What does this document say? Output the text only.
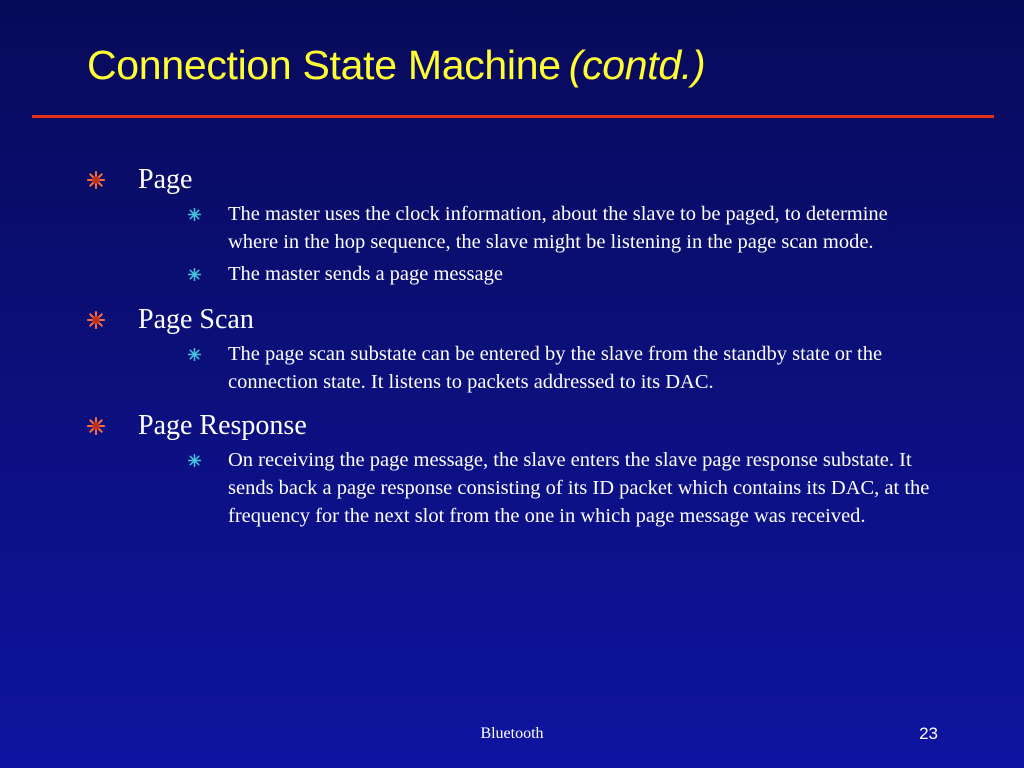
Connection State Machine (contd.)
Page
The master uses the clock information, about the slave to be paged, to determine where in the hop sequence, the slave might be listening in the page scan mode.
The master sends a page message
Page Scan
The page scan substate can be entered by the slave from the standby state or the connection state. It listens to packets addressed to its DAC.
Page Response
On receiving the page message, the slave enters the slave page response substate. It sends back a page response consisting of its ID packet which contains its DAC, at the frequency for the next slot from the one in which page message was received.
Bluetooth	23
